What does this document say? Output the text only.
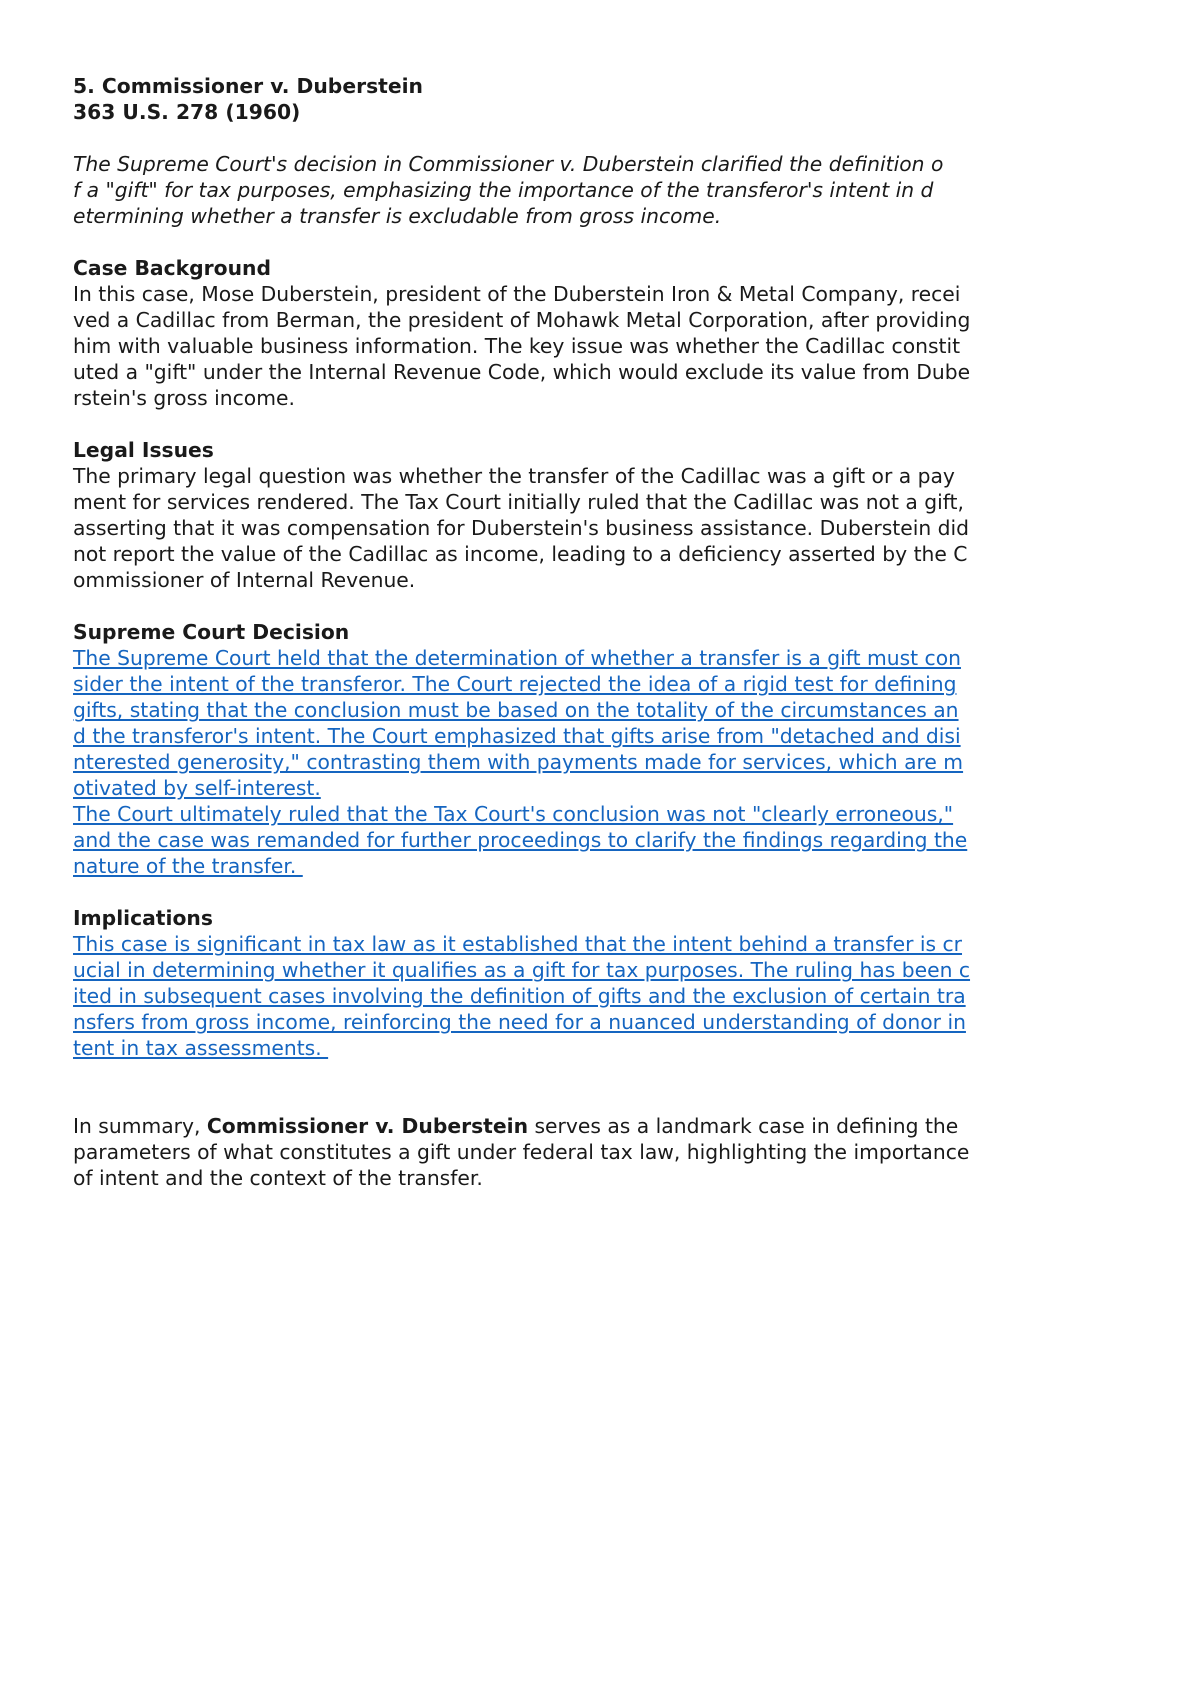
5. Commissioner v. Duberstein
363 U.S. 278 (1960)
The Supreme Court's decision in Commissioner v. Duberstein clarified the definition o
f a "gift" for tax purposes, emphasizing the importance of the transferor's intent in d
etermining whether a transfer is excludable from gross income.
Case Background
In this case, Mose Duberstein, president of the Duberstein Iron & Metal Company, recei
ved a Cadillac from Berman, the president of Mohawk Metal Corporation, after providing
him with valuable business information. The key issue was whether the Cadillac constit
uted a "gift" under the Internal Revenue Code, which would exclude its value from Dube
rstein's gross income.
Legal Issues
The primary legal question was whether the transfer of the Cadillac was a gift or a pay
ment for services rendered. The Tax Court initially ruled that the Cadillac was not a gift,
asserting that it was compensation for Duberstein's business assistance. Duberstein did
not report the value of the Cadillac as income, leading to a deficiency asserted by the C
ommissioner of Internal Revenue.
Supreme Court Decision
The Supreme Court held that the determination of whether a transfer is a gift must con
sider the intent of the transferor. The Court rejected the idea of a rigid test for defining
gifts, stating that the conclusion must be based on the totality of the circumstances an
d the transferor's intent. The Court emphasized that gifts arise from "detached and disi
nterested generosity," contrasting them with payments made for services, which are m
otivated by self-interest.
The Court ultimately ruled that the Tax Court's conclusion was not "clearly erroneous,"
and the case was remanded for further proceedings to clarify the findings regarding the
nature of the transfer.
Implications
This case is significant in tax law as it established that the intent behind a transfer is cr
ucial in determining whether it qualifies as a gift for tax purposes. The ruling has been c
ited in subsequent cases involving the definition of gifts and the exclusion of certain tra
nsfers from gross income, reinforcing the need for a nuanced understanding of donor in
tent in tax assessments.
In summary, Commissioner v. Duberstein serves as a landmark case in defining the
parameters of what constitutes a gift under federal tax law, highlighting the importance
of intent and the context of the transfer.
